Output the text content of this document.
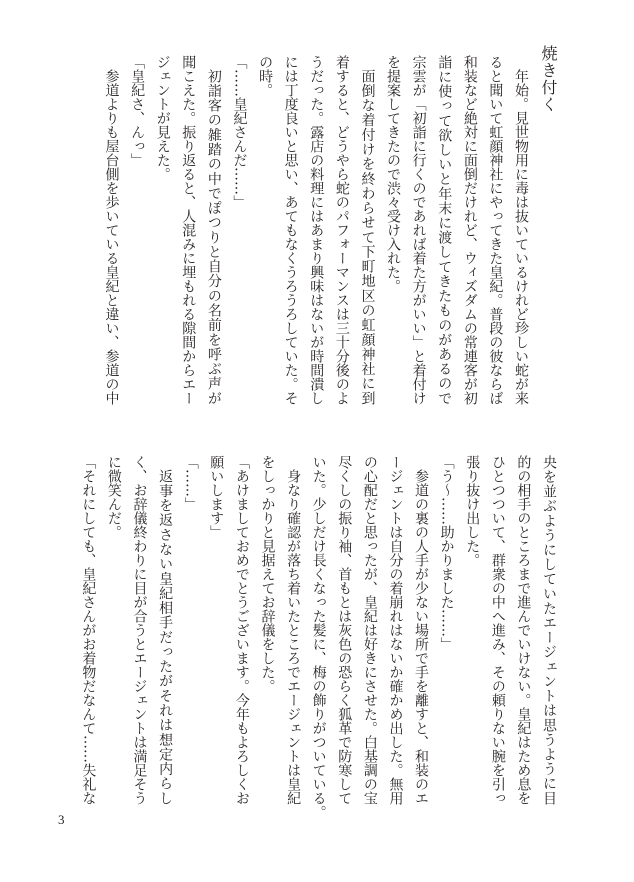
焼き付く
年始。見世物用に毒は抜いているけれど珍しい蛇が来
ると聞いて虹顔神社にやってきた皇紀。普段の彼ならば
和装など絶対に面倒だけれど、ウィズダムの常連客が初
詣に使って欲しいと年末に渡してきたものがあるので
宗雲が「初詣に行くのであれば着た方がいい」と着付け
を提案してきたので渋々受け入れた。
面倒な着付けを終わらせて下町地区の虹顔神社に到
着すると、どうやら蛇のパフォーマンスは三十分後のよ
うだった。露店の料理にはあまり興味はないが時間潰し
には丁度良いと思い、あてもなくうろうろしていた。そ
の時。
「……皇紀さんだ……」
初詣客の雑踏の中でぽつりと自分の名前を呼ぶ声が
聞こえた。振り返ると、人混みに埋もれる隙間からエー
ジェントが見えた。
「皇紀さ、んっ」
参道よりも屋台側を歩いている皇紀と違い、参道の中
央を並ぶようにしていたエージェントは思うように目
的の相手のところまで進んでいけない。皇紀はため息を
ひとつついて、群衆の中へ進み、その頼りない腕を引っ
張り抜け出した。
「う〜……助かりました……」
参道の裏の人手が少ない場所で手を離すと、和装のエ
ージェントは自分の着崩れはないか確かめ出した。無用
の心配だと思ったが、皇紀は好きにさせた。白基調の宝
尽くしの振り袖、首もとは灰色の恐らく狐革で防寒して
いた。少しだけ長くなった髪に、梅の飾りがついている。
身なり確認が落ち着いたところでエージェントは皇紀
をしっかりと見据えてお辞儀をした。
「あけましておめでとうございます。今年もよろしくお
願いします」
「……」
返事を返さない皇紀相手だったがそれは想定内らし
く、お辞儀終わりに目が合うとエージェントは満足そう
に微笑んだ。
「それにしても、皇紀さんがお着物だなんて……失礼な
3
